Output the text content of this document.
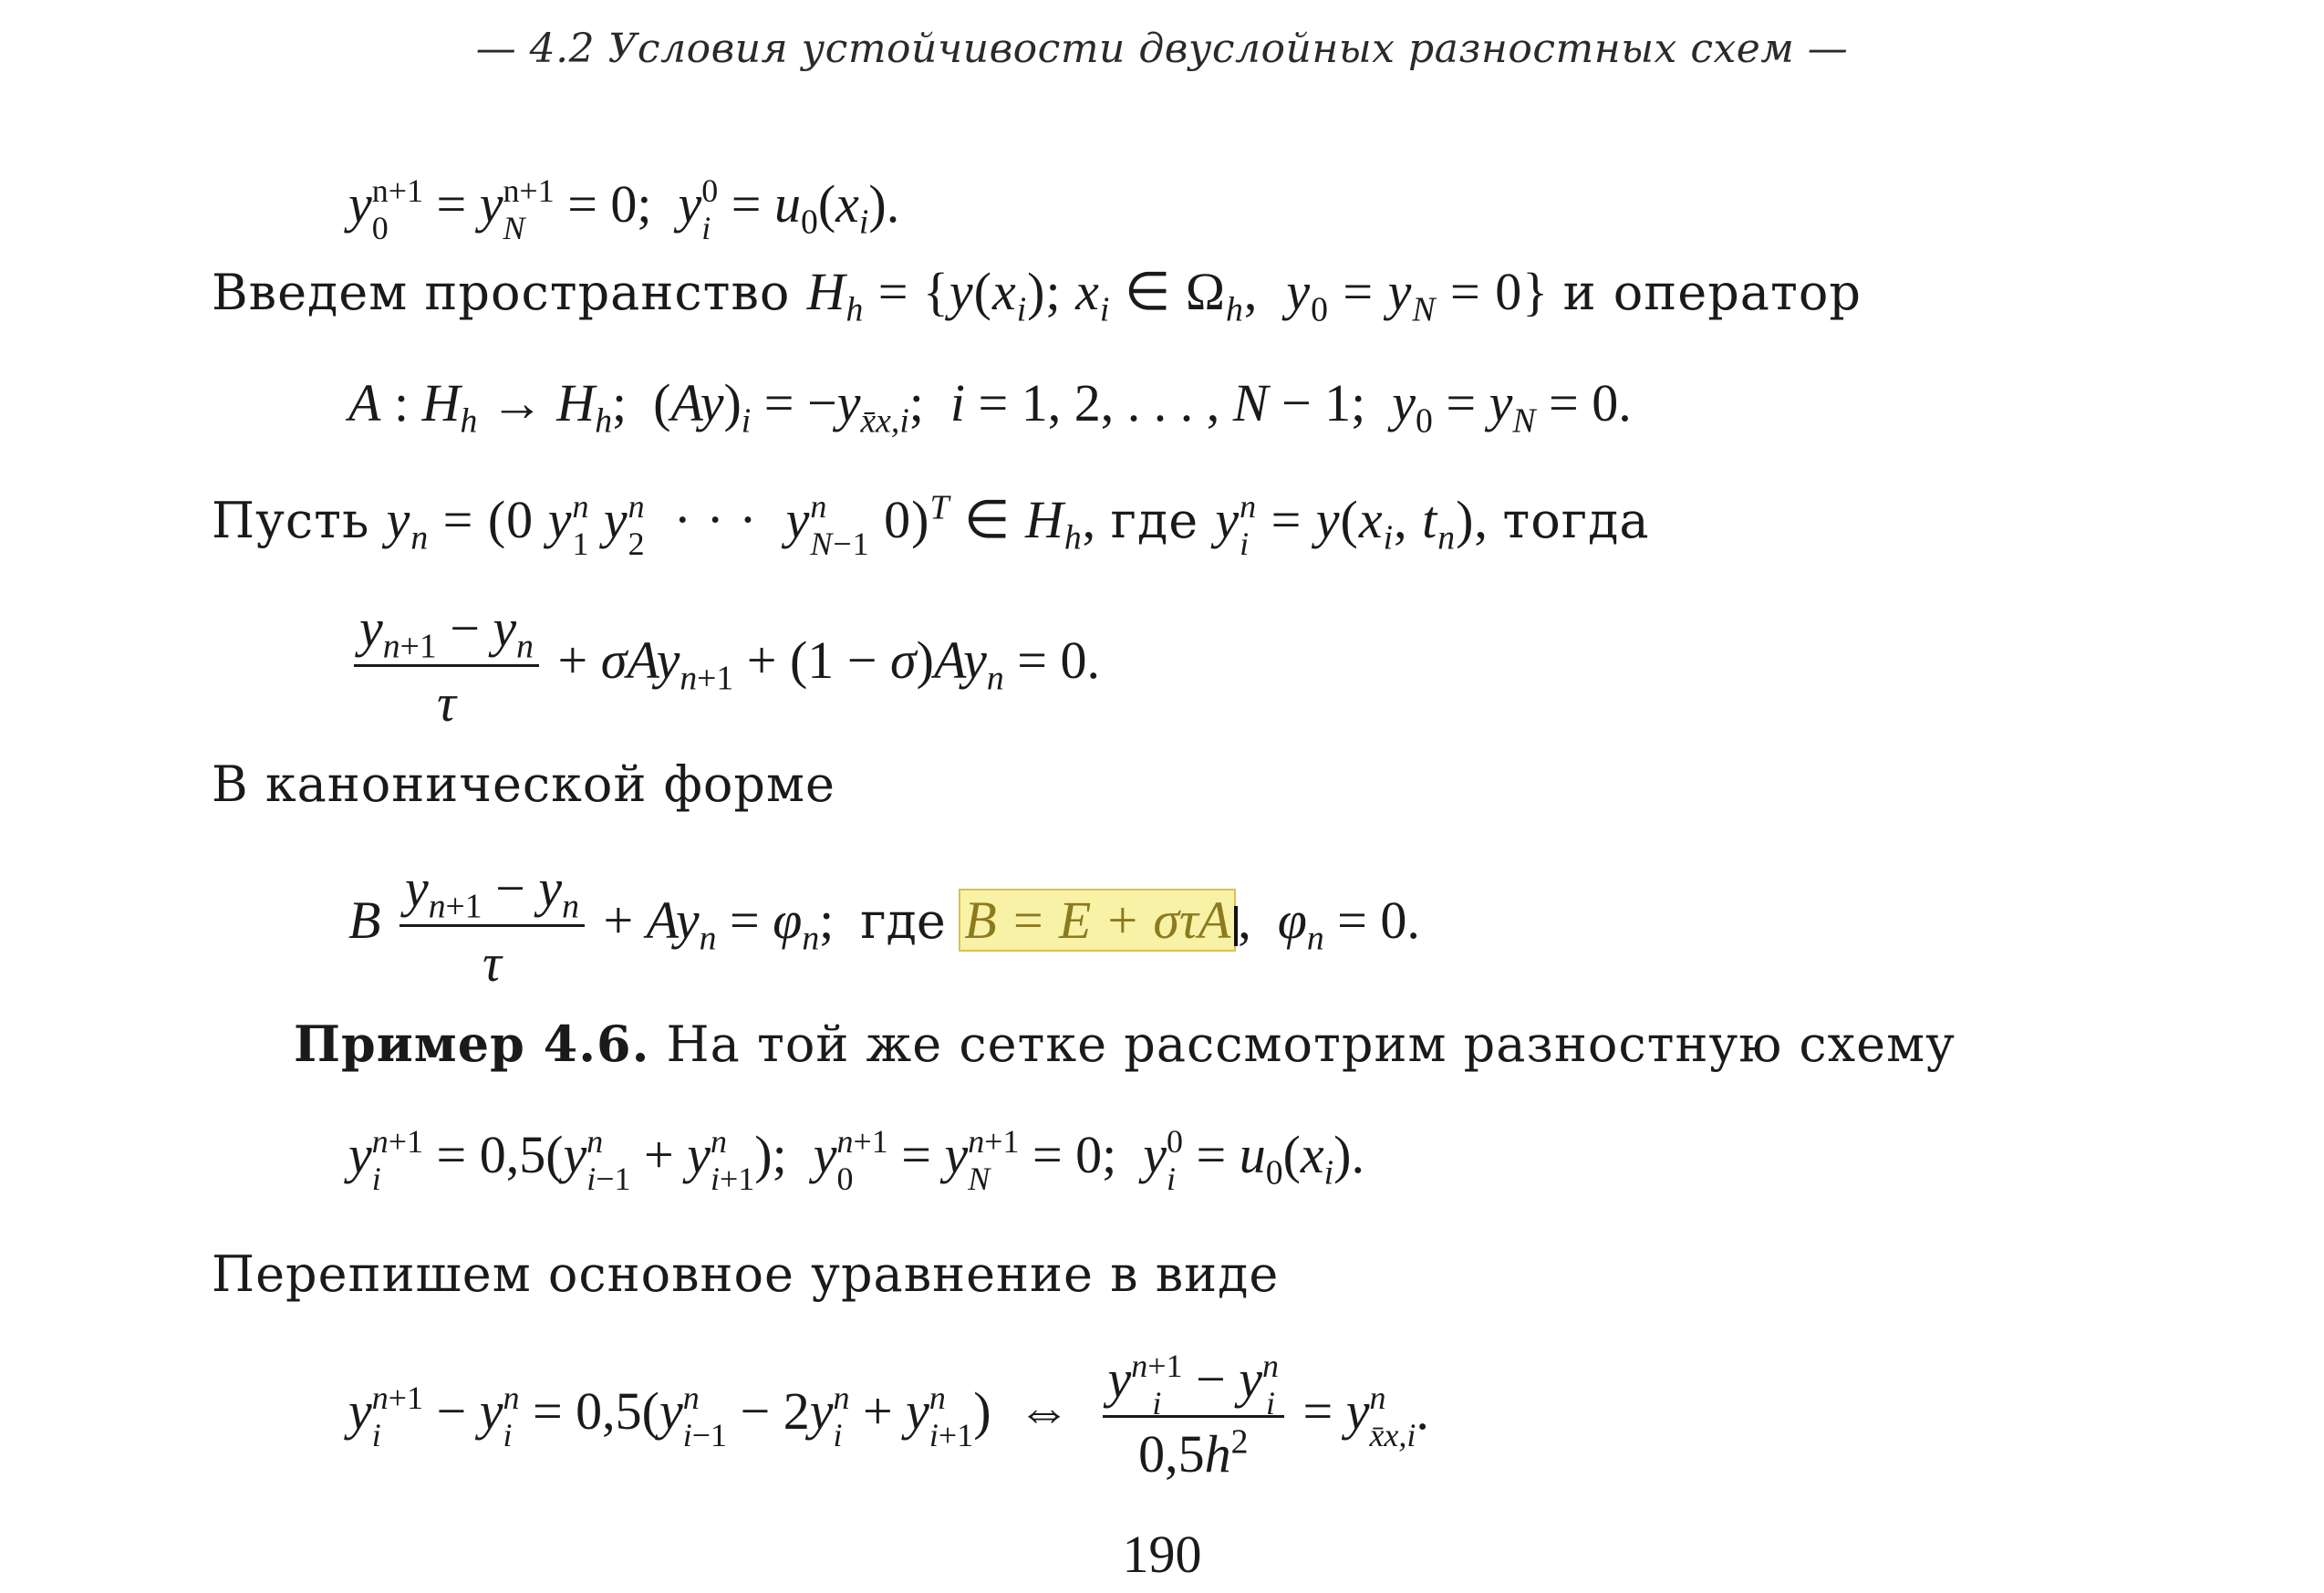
— 4.2 Условия устойчивости двуслойных разностных схем —
y n+1
0 = y n+1
N = 0;  y 0
$i = u_0(x_i)$.
Введем пространство $H_h = \{y(x_i)$; $x_i$ ∈ $\Omega_h$,  $y_0 = y_N = 0$} и оператор
A : $H_h \to H_h$;  $(Ay)_i = -y_{x̄x,i}$;  i = 1, 2, . . . , N − 1;  $y_0 = y_N = 0$.
Пусть $y_n = (0$ y n
1 y n
2 · · ·  y n
N−1 0)$^T$ ∈ $H_h$, где y n
$i = y(x_i$, $t_n$), тогда
$\frac{y_{n+1} - y_n}{\tau} + \sigma Ay_{n+1} + (1 - \sigma)Ay_n = 0$.
В канонической форме
B $\frac{y_{n+1} - y_n}{\tau} + Ay_n = \varphi_n$;  где B = E + στA ,  $\varphi_n = 0$.
Пример 4.6. На той же сетке рассмотрим разностную схему
y n+1
i = 0,5(y n
i−1 + y n
i+1 );  y n+1
0 = y n+1
N = 0;  y 0
$i = u_0(x_i)$.
Перепишем основное уравнение в виде
y n+1
i − y n
i = 0,5(y n
i−1 − 2y n
i + y n
i+1 )  ⇔ y n+1
i − y n
i
$0,5h^2 = y$ n
x̄x,i .
190
